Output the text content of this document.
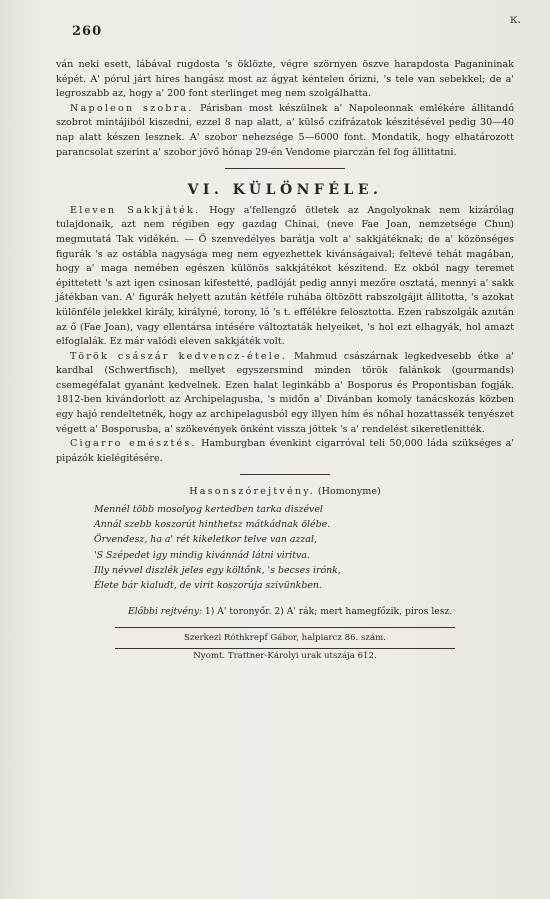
260
ĸ.

ván neki esett, lábával rugdosta 's öklözte, végre szörnyen öszve harapdosta Paganininak képét. A' pórul járt hires hangász most az ágyat kéntelen őrizni, 's tele van sebekkel; de a' legroszabb az, hogy a' 200 font sterlinget meg nem szolgálhatta.

Napoleon szobra. Párisban most készülnek a' Napoleonnak emlékére állitandó szobrot mintájiból kiszedni, ezzel 8 nap alatt, a' külső czifrázatok készitésével pedig 30—40 nap alatt készen lesznek. A' szobor nehezsége 5—6000 font. Mondatik, hogy elhatározott parancsolat szerint a' szobor jövő hónap 29-én Vendome piarczán fel fog állittatni.

VI. KÜLÖNFÉLE.

Eleven Sakkjáték. Hogy a'fellengző ötletek az Angolyoknak nem kizárólag tulajdonaik, azt nem régiben egy gazdag Chinai, (neve Fae Joan, nemzetsége Chun) megmutatá Tak vidékén. — Ő szenvedélyes barátja volt a' sakkjátéknak; de a' közönséges figurák 's az ostábla nagysága meg nem egyezhettek kivánságaival; feltevé tehát magában, hogy a' maga nemében egészen különös sakkjátékot készitend. Ez okból nagy teremet épittetett 's azt igen csinosan kifestetté, padlóját pedig annyi mezőre osztatá, mennyi a' sakk játékban van. A' figurák helyett azután kétféle ruhába öltözött rabszolgájit állitotta, 's azokat különféle jelekkel király, királyné, torony, ló 's t. effélékre felosztotta. Ezen rabszolgák azután az ő (Fae Joan), vagy ellentársa intésére változtaták helyeiket, 's hol ezt elhagyák, hol amazt elfoglalák. Ez már valódi eleven sakkjáték volt.

Török császár kedvencz-étele. Mahmud császárnak legkedvesebb étke a' kardhal (Schwertfisch), mellyet egyszersmind minden török falánkok (gourmands) csemegéfalat gyanánt kedvelnek. Ezen halat leginkább a' Bosporus és Propontisban fogják. 1812-ben kivándorlott az Archipelagusba, 's midőn a' Divánban komoly tanácskozás közben egy hajó rendeltetnék, hogy az archipelagusból egy illyen hím és nőhal hozattassék tenyészet végett a' Bosporusba, a' szökevények önként vissza jöttek 's a' rendelést sikeretlenitték.

Cigarro emésztés. Hamburgban évenkint cigarróval teli 50,000 láda szükséges a' pipázók kielégitésére.

Hasonszórejtvény. (Homonyme)
Mennél több mosolyog kertedben tarka diszével
Annál szebb koszorút hinthetsz mátkádnak ölébe.
Örvendesz, ha a' rét kikeletkor telve van azzal,
'S Szépedet igy mindig kivánnád látni viritva.
Illy névvel diszlék jeles egy költőnk, 's becses irónk,
Élete bár kialudt, de virit koszorúja szivünkben.
Előbbi rejtvény: 1) A' toronyőr. 2) A' rák; mert hamegfőzik, piros lesz.
Szerkezi Róthkrepf Gábor, halpiarcz 86. szám.
Nyomt. Trattner-Károlyi urak utszája 612.
